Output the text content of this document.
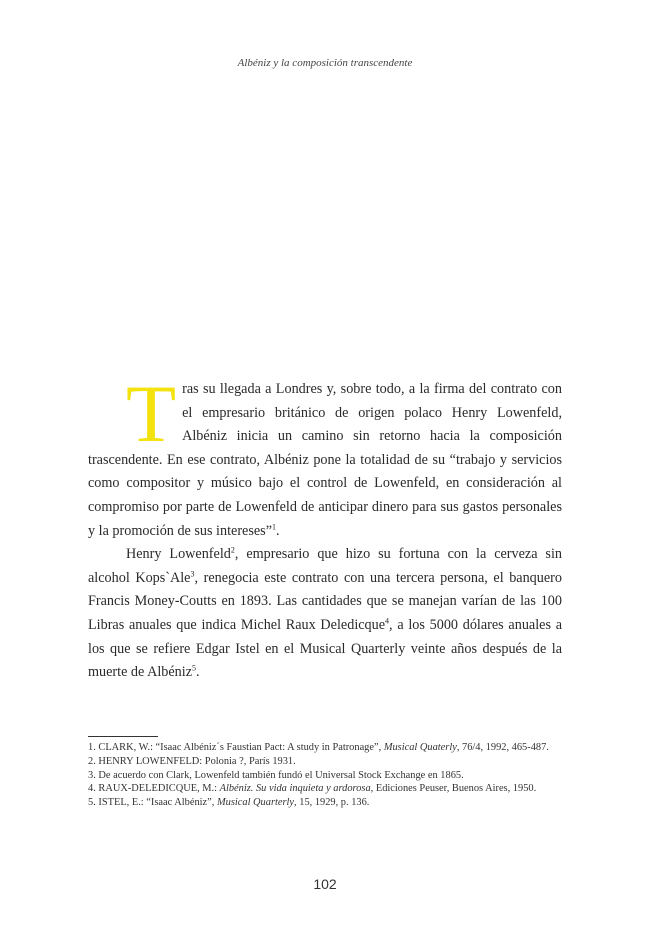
Albéniz y la composición transcendente

T ras su llegada a Londres y, sobre todo, a la firma del contrato con el empresario británico de origen polaco Henry Lowenfeld, Albéniz inicia un camino sin retorno hacia la composición trascendente. En ese contrato, Albéniz pone la totalidad de su “trabajo y servicios como compositor y músico bajo el control de Lowenfeld, en consideración al compromiso por parte de Lowenfeld de anticipar dinero para sus gastos personales y la promoción de sus intereses”$^1$.

Henry Lowenfeld$^2$, empresario que hizo su fortuna con la cerveza sin alcohol Kops`Ale$^3$, renegocia este contrato con una tercera persona, el banquero Francis Money-Coutts en 1893. Las cantidades que se manejan varían de las 100 Libras anuales que indica Michel Raux Deledicque$^4$, a los 5000 dólares anuales a los que se refiere Edgar Istel en el Musical Quarterly veinte años después de la muerte de Albéniz$^5$.

1. CLARK, W.: “Isaac Albéniz´s Faustian Pact: A study in Patronage”, Musical Quaterly, 76/4, 1992, 465-487.
2. HENRY LOWENFELD: Polonia ?, París 1931.
3. De acuerdo con Clark, Lowenfeld también fundó el Universal Stock Exchange en 1865.
4. RAUX-DELEDICQUE, M.: Albéniz. Su vida inquieta y ardorosa, Ediciones Peuser, Buenos Aires, 1950.
5. ISTEL, E.: “Isaac Albéniz”, Musical Quarterly, 15, 1929, p. 136.
102
